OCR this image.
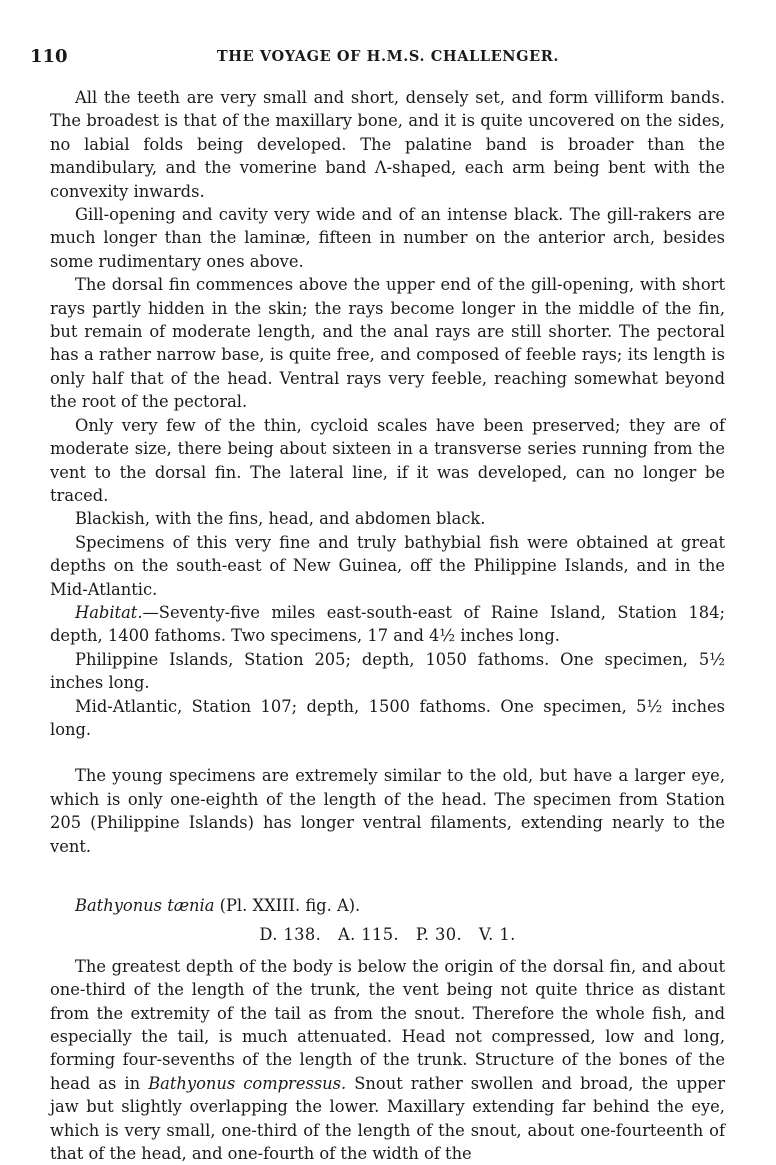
110	THE VOYAGE OF H.M.S. CHALLENGER.

All the teeth are very small and short, densely set, and form villiform bands. The broadest is that of the maxillary bone, and it is quite uncovered on the sides, no labial folds being developed. The palatine band is broader than the mandibulary, and the vomerine band Λ-shaped, each arm being bent with the convexity inwards.

Gill-opening and cavity very wide and of an intense black. The gill-rakers are much longer than the laminæ, fifteen in number on the anterior arch, besides some rudimentary ones above.

The dorsal fin commences above the upper end of the gill-opening, with short rays partly hidden in the skin; the rays become longer in the middle of the fin, but remain of moderate length, and the anal rays are still shorter. The pectoral has a rather narrow base, is quite free, and composed of feeble rays; its length is only half that of the head. Ventral rays very feeble, reaching somewhat beyond the root of the pectoral.

Only very few of the thin, cycloid scales have been preserved; they are of moderate size, there being about sixteen in a transverse series running from the vent to the dorsal fin. The lateral line, if it was developed, can no longer be traced.

Blackish, with the fins, head, and abdomen black.

Specimens of this very fine and truly bathybial fish were obtained at great depths on the south-east of New Guinea, off the Philippine Islands, and in the Mid-Atlantic.

Habitat.—Seventy-five miles east-south-east of Raine Island, Station 184; depth, 1400 fathoms. Two specimens, 17 and 4½ inches long.

Philippine Islands, Station 205; depth, 1050 fathoms. One specimen, 5½ inches long.

Mid-Atlantic, Station 107; depth, 1500 fathoms. One specimen, 5½ inches long.

The young specimens are extremely similar to the old, but have a larger eye, which is only one-eighth of the length of the head. The specimen from Station 205 (Philippine Islands) has longer ventral filaments, extending nearly to the vent.

Bathyonus tænia (Pl. XXIII. fig. A).

D. 138.   A. 115.   P. 30.   V. 1.

The greatest depth of the body is below the origin of the dorsal fin, and about one-third of the length of the trunk, the vent being not quite thrice as distant from the extremity of the tail as from the snout. Therefore the whole fish, and especially the tail, is much attenuated. Head not compressed, low and long, forming four-sevenths of the length of the trunk. Structure of the bones of the head as in Bathyonus compressus. Snout rather swollen and broad, the upper jaw but slightly overlapping the lower. Maxillary extending far behind the eye, which is very small, one-third of the length of the snout, about one-fourteenth of that of the head, and one-fourth of the width of the
